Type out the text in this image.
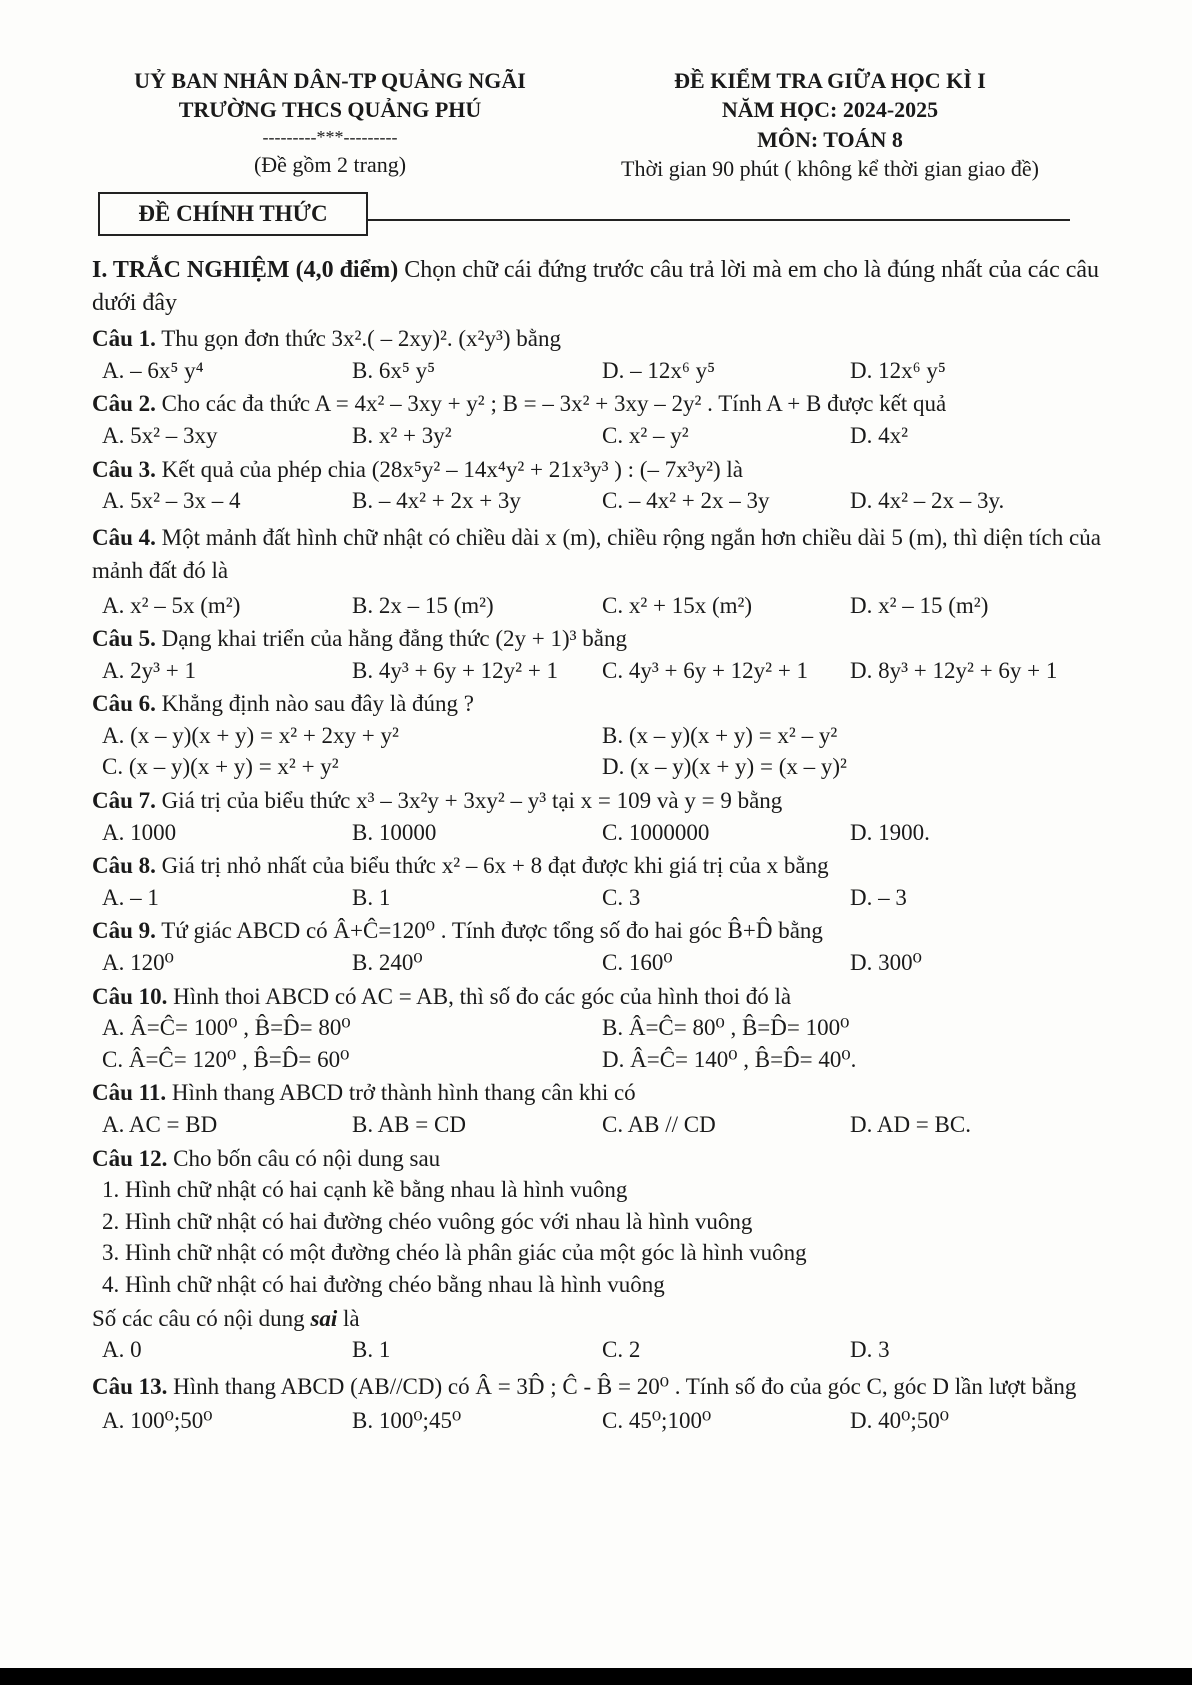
UỶ BAN NHÂN DÂN-TP QUẢNG NGÃI
TRƯỜNG THCS QUẢNG PHÚ
---------***---------
(Đề gồm 2 trang)
ĐỀ KIỂM TRA GIỮA HỌC KÌ I
NĂM HỌC: 2024-2025
MÔN: TOÁN 8
Thời gian 90 phút ( không kể thời gian giao đề)
ĐỀ CHÍNH THỨC
I. TRẮC NGHIỆM (4,0 điểm) Chọn chữ cái đứng trước câu trả lời mà em cho là đúng nhất của các câu dưới đây
Câu 1. Thu gọn đơn thức 3x².( – 2xy)². (x²y³) bằng
A. – 6x⁵ y⁴	B. 6x⁵ y⁵	D. – 12x⁶ y⁵	D. 12x⁶ y⁵
Câu 2. Cho các đa thức A = 4x² – 3xy + y² ; B = – 3x² + 3xy – 2y² . Tính A + B được kết quả
A. 5x² – 3xy	B. x² + 3y²	C. x² – y²	D. 4x²
Câu 3. Kết quả của phép chia (28x⁵y² – 14x⁴y² + 21x³y³ ) : (– 7x³y²) là
A. 5x² – 3x – 4	B. – 4x² + 2x + 3y	C. – 4x² + 2x – 3y	D. 4x² – 2x – 3y.
Câu 4. Một mảnh đất hình chữ nhật có chiều dài x (m), chiều rộng ngắn hơn chiều dài 5 (m), thì diện tích của mảnh đất đó là
A. x² – 5x (m²)	B. 2x – 15 (m²)	C. x² + 15x (m²)	D. x² – 15 (m²)
Câu 5. Dạng khai triển của hằng đẳng thức (2y + 1)³ bằng
A. 2y³ + 1	B. 4y³ + 6y + 12y² + 1	C. 4y³ + 6y + 12y² + 1	D. 8y³ + 12y² + 6y + 1
Câu 6. Khẳng định nào sau đây là đúng ?
A. (x – y)(x + y) = x² + 2xy + y²	B. (x – y)(x + y) = x² – y²
C. (x – y)(x + y) = x² + y²	D. (x – y)(x + y) = (x – y)²
Câu 7. Giá trị của biểu thức x³ – 3x²y + 3xy² – y³ tại x = 109 và y = 9 bằng
A. 1000	B. 10000	C. 1000000	D. 1900.
Câu 8. Giá trị nhỏ nhất của biểu thức x² – 6x + 8 đạt được khi giá trị của x bằng
A. – 1	B. 1	C. 3	D. – 3
Câu 9. Tứ giác ABCD có Â+Ĉ=120⁰ . Tính được tổng số đo hai góc B̂+D̂ bằng
A. 120⁰	B. 240⁰	C. 160⁰	D. 300⁰
Câu 10. Hình thoi ABCD có AC = AB, thì số đo các góc của hình thoi đó là
A. Â=Ĉ= 100⁰ , B̂=D̂= 80⁰	B. Â=Ĉ= 80⁰ , B̂=D̂= 100⁰
C. Â=Ĉ= 120⁰ , B̂=D̂= 60⁰	D. Â=Ĉ= 140⁰ , B̂=D̂= 40⁰.
Câu 11. Hình thang ABCD trở thành hình thang cân khi có
A. AC = BD	B. AB = CD	C. AB // CD	D. AD = BC.
Câu 12. Cho bốn câu có nội dung sau
1. Hình chữ nhật có hai cạnh kề bằng nhau là hình vuông
2. Hình chữ nhật có hai đường chéo vuông góc với nhau là hình vuông
3. Hình chữ nhật có một đường chéo là phân giác của một góc là hình vuông
4. Hình chữ nhật có hai đường chéo bằng nhau là hình vuông
Số các câu có nội dung sai là
A. 0	B. 1	C. 2	D. 3
Câu 13. Hình thang ABCD (AB//CD) có Â = 3D̂ ; Ĉ - B̂ = 20⁰ . Tính số đo của góc C, góc D lần lượt bằng
A. 100⁰;50⁰	B. 100⁰;45⁰	C. 45⁰;100⁰	D. 40⁰;50⁰
